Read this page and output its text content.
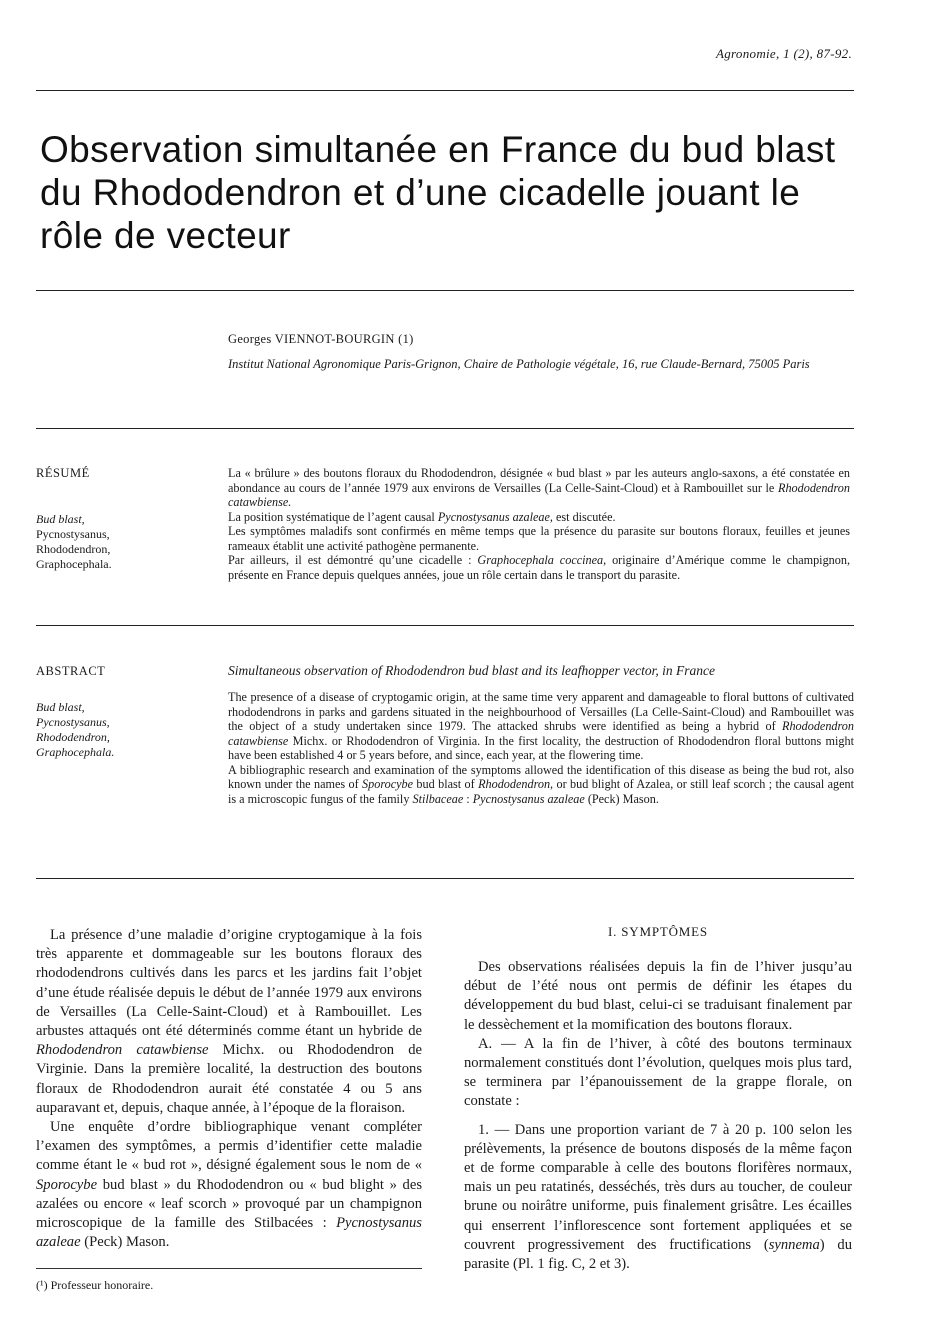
Agronomie, 1 (2), 87-92.
Observation simultanée en France du bud blast du Rhododendron et d’une cicadelle jouant le rôle de vecteur
Georges VIENNOT-BOURGIN (1)
Institut National Agronomique Paris-Grignon, Chaire de Pathologie végétale, 16, rue Claude-Bernard, 75005 Paris
RÉSUMÉ
Bud blast,
Pycnostysanus,
Rhododendron,
Graphocephala.

La « brûlure » des boutons floraux du Rhododendron, désignée « bud blast » par les auteurs anglo-saxons, a été constatée en abondance au cours de l’année 1979 aux environs de Versailles (La Celle-Saint-Cloud) et à Rambouillet sur le Rhododendron catawbiense.

La position systématique de l’agent causal Pycnostysanus azaleae, est discutée.

Les symptômes maladifs sont confirmés en même temps que la présence du parasite sur boutons floraux, feuilles et jeunes rameaux établit une activité pathogène permanente.

Par ailleurs, il est démontré qu’une cicadelle : Graphocephala coccinea, originaire d’Amérique comme le champignon, présente en France depuis quelques années, joue un rôle certain dans le transport du parasite.

ABSTRACT
Bud blast,
Pycnostysanus,
Rhododendron,
Graphocephala.
Simultaneous observation of Rhododendron bud blast and its leafhopper vector, in France

The presence of a disease of cryptogamic origin, at the same time very apparent and damageable to floral buttons of cultivated rhododendrons in parks and gardens situated in the neighbourhood of Versailles (La Celle-Saint-Cloud) and Rambouillet was the object of a study undertaken since 1979. The attacked shrubs were identified as being a hybrid of Rhododendron catawbiense Michx. or Rhododendron of Virginia. In the first locality, the destruction of Rhododendron floral buttons might have been established 4 or 5 years before, and since, each year, at the flowering time.

A bibliographic research and examination of the symptoms allowed the identification of this disease as being the bud rot, also known under the names of Sporocybe bud blast of Rhododendron, or bud blight of Azalea, or still leaf scorch ; the causal agent is a microscopic fungus of the family Stilbaceae : Pycnostysanus azaleae (Peck) Mason.

La présence d’une maladie d’origine cryptogamique à la fois très apparente et dommageable sur les boutons floraux des rhododendrons cultivés dans les parcs et les jardins fait l’objet d’une étude réalisée depuis le début de l’année 1979 aux environs de Versailles (La Celle-Saint-Cloud) et à Rambouillet. Les arbustes attaqués ont été déterminés comme étant un hybride de Rhododendron catawbiense Michx. ou Rhododendron de Virginie. Dans la première localité, la destruction des boutons floraux de Rhododendron aurait été constatée 4 ou 5 ans auparavant et, depuis, chaque année, à l’époque de la floraison.

Une enquête d’ordre bibliographique venant compléter l’examen des symptômes, a permis d’identifier cette maladie comme étant le « bud rot », désigné également sous le nom de « Sporocybe bud blast » du Rhododendron ou « bud blight » des azalées ou encore « leaf scorch » provoqué par un champignon microscopique de la famille des Stilbacées : Pycnostysanus azaleae (Peck) Mason.

(¹) Professeur honoraire.
I. SYMPTÔMES

Des observations réalisées depuis la fin de l’hiver jusqu’au début de l’été nous ont permis de définir les étapes du développement du bud blast, celui-ci se traduisant finalement par le dessèchement et la momification des boutons floraux.

A. — A la fin de l’hiver, à côté des boutons terminaux normalement constitués dont l’évolution, quelques mois plus tard, se terminera par l’épanouissement de la grappe florale, on constate :

1. — Dans une proportion variant de 7 à 20 p. 100 selon les prélèvements, la présence de boutons disposés de la même façon et de forme comparable à celle des boutons florifères normaux, mais un peu ratatinés, desséchés, très durs au toucher, de couleur brune ou noirâtre uniforme, puis finalement grisâtre. Les écailles qui enserrent l’inflorescence sont fortement appliquées et se couvrent progressivement des fructifications (synnema) du parasite (Pl. 1 fig. C, 2 et 3).
